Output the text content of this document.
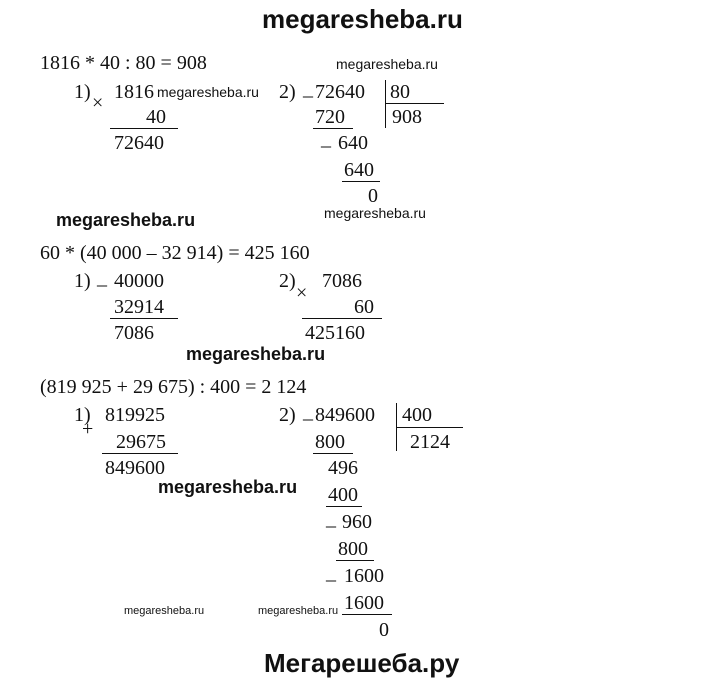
megaresheba.ru
megaresheba.ru
megaresheba.ru
megaresheba.ru	megaresheba.ru
megaresheba.ru
megaresheba.ru
megaresheba.ru	megaresheba.ru
Мегарешеба.ру
1816 * 40 : 80 = 908
1) × 1816
40
72640
2) _ 72640 80
908
720
_ 640
640
0
60 * (40 000 – 32 914) = 425 160
1) _ 40000
32914
7086
2)
×
7086
60
425160
(819 925 + 29 675) : 400 = 2 124
1)
+
819925
29675
849600
2) _ 849600 400
2124
800
496
400
_ 960
800
_ 1600
1600
0
